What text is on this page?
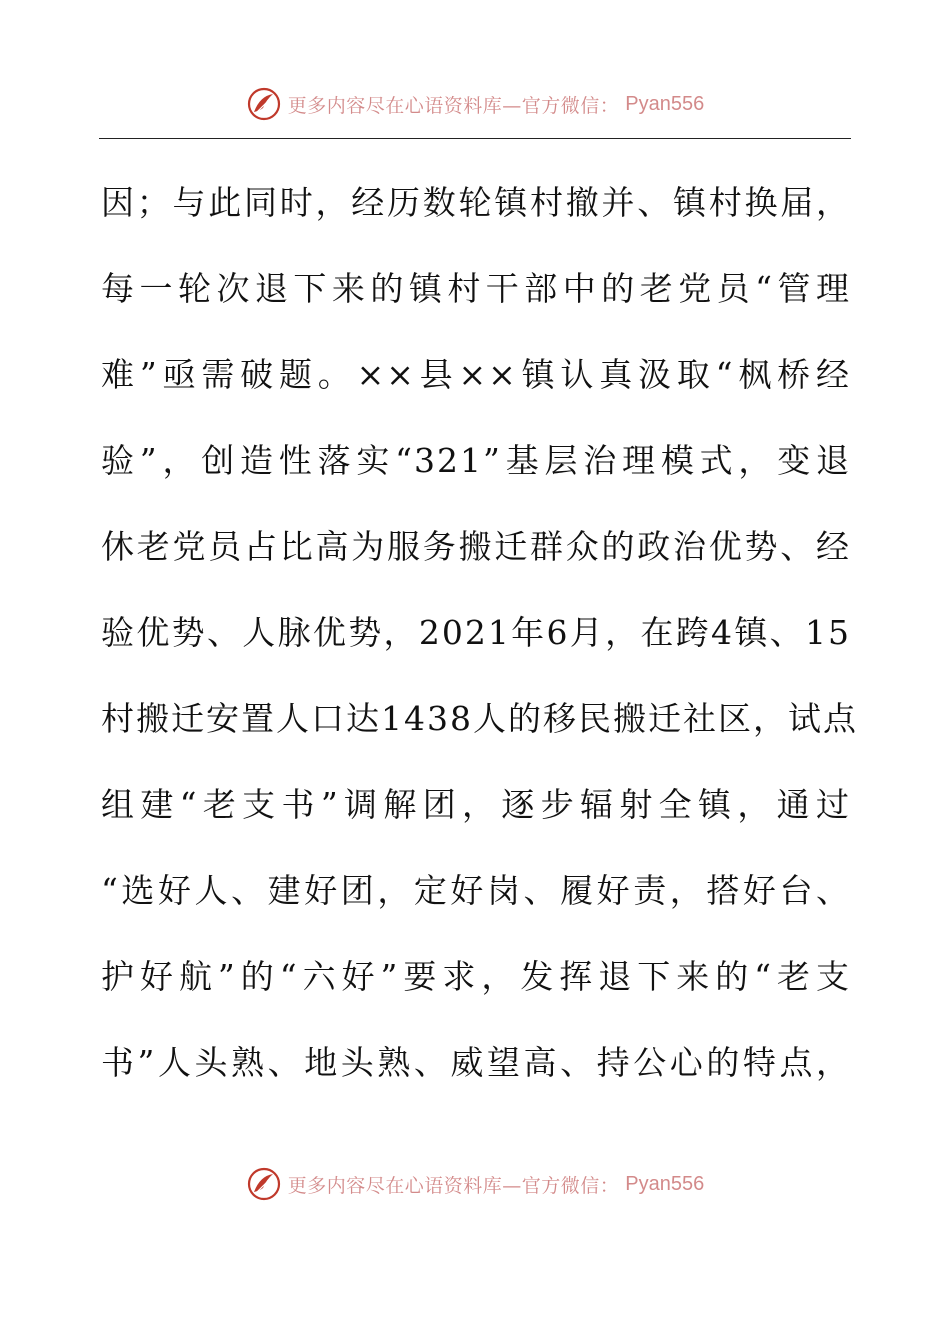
更多内容尽在心语资料库—官方微信： Pyan556
因；与此同时，经历数轮镇村撤并、镇村换届，
每一轮次退下来的镇村干部中的老党员“管理
难”亟需破题。××县××镇认真汲取“枫桥经
验”，创造性落实“321”基层治理模式，变退
休老党员占比高为服务搬迁群众的政治优势、经
验优势、人脉优势，2021年6月，在跨4镇、15
村搬迁安置人口达1438人的移民搬迁社区，试点
组建“老支书”调解团，逐步辐射全镇，通过
“选好人、建好团，定好岗、履好责，搭好台、
护好航”的“六好”要求，发挥退下来的“老支
书”人头熟、地头熟、威望高、持公心的特点，
更多内容尽在心语资料库—官方微信： Pyan556
